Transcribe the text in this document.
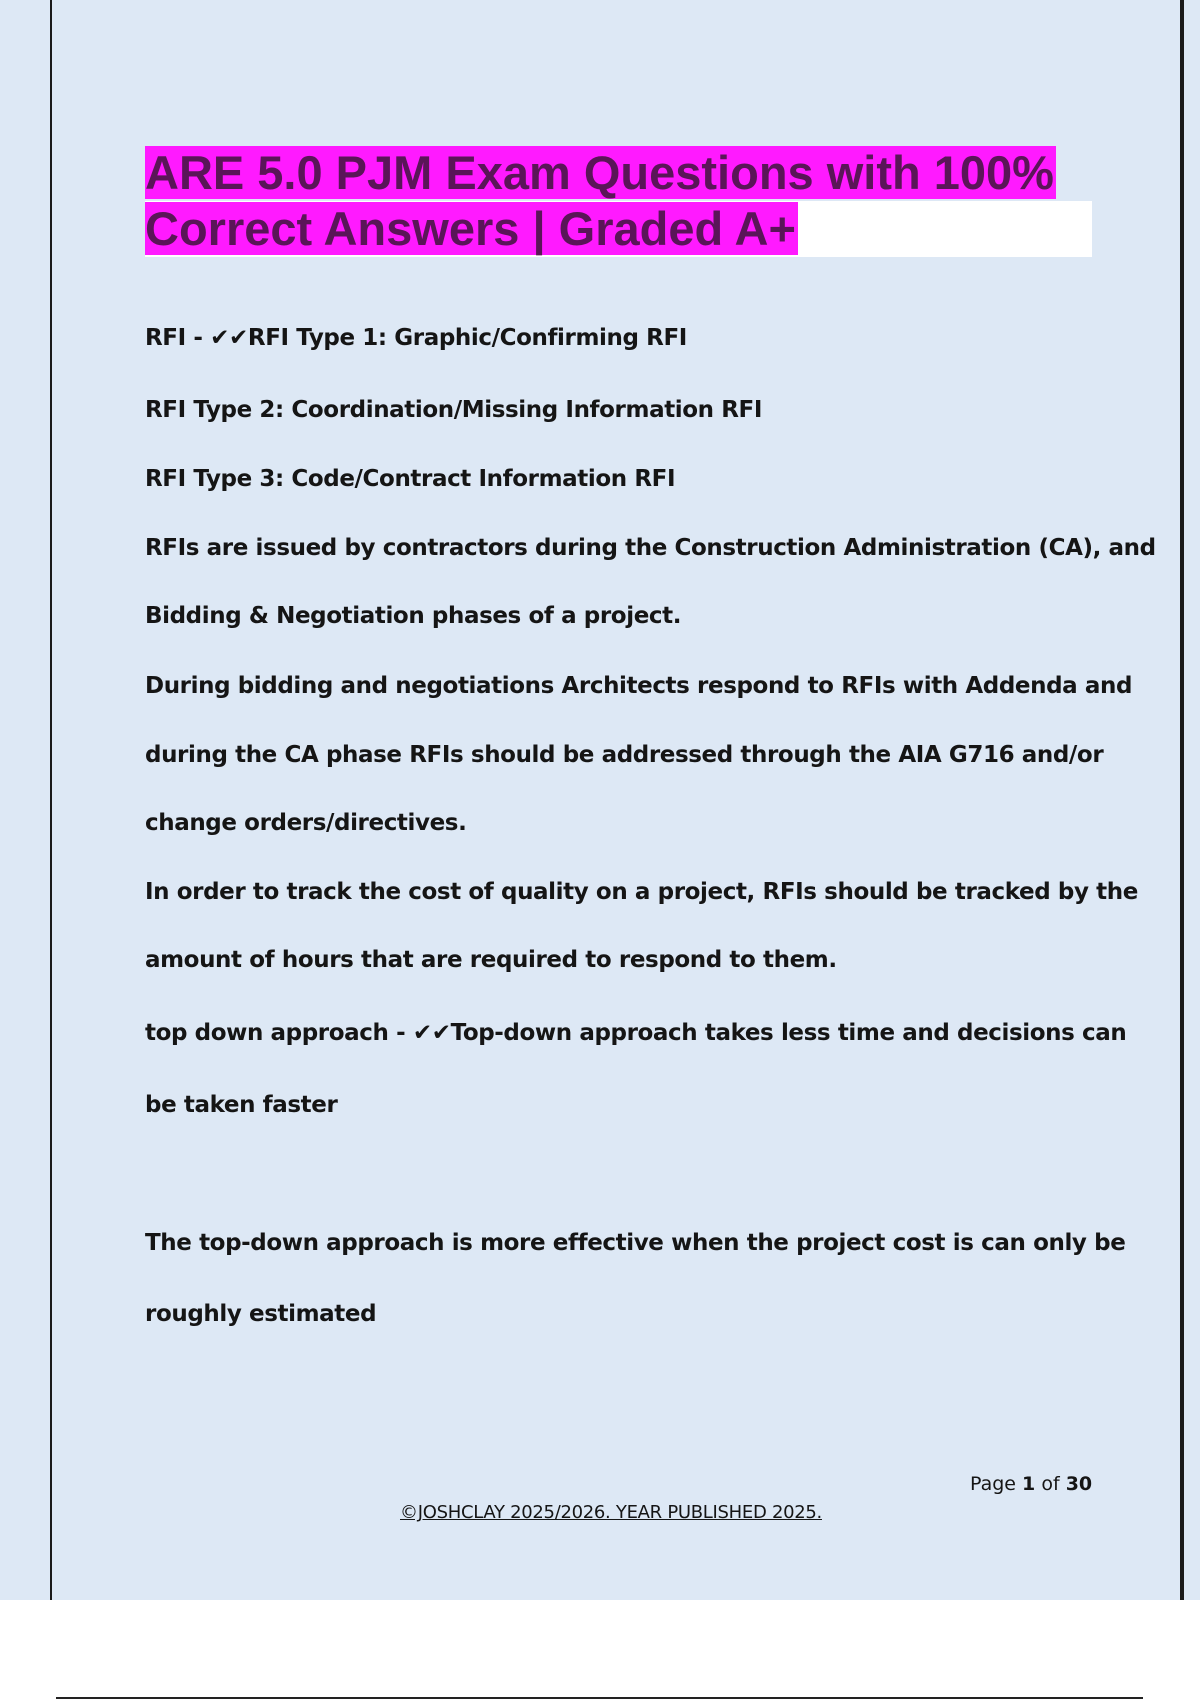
ARE 5.0 PJM Exam Questions with 100%

Correct Answers | Graded A+

RFI - ✔✔RFI Type 1: Graphic/Confirming RFI
RFI Type 2: Coordination/Missing Information RFI
RFI Type 3: Code/Contract Information RFI
RFIs are issued by contractors during the Construction Administration (CA), and
Bidding & Negotiation phases of a project.
During bidding and negotiations Architects respond to RFIs with Addenda and
during the CA phase RFIs should be addressed through the AIA G716 and/or
change orders/directives.
In order to track the cost of quality on a project, RFIs should be tracked by the
amount of hours that are required to respond to them.
top down approach - ✔✔Top-down approach takes less time and decisions can
be taken faster
The top-down approach is more effective when the project cost is can only be
roughly estimated
Page 1 of 30
©JOSHCLAY 2025/2026. YEAR PUBLISHED 2025.
